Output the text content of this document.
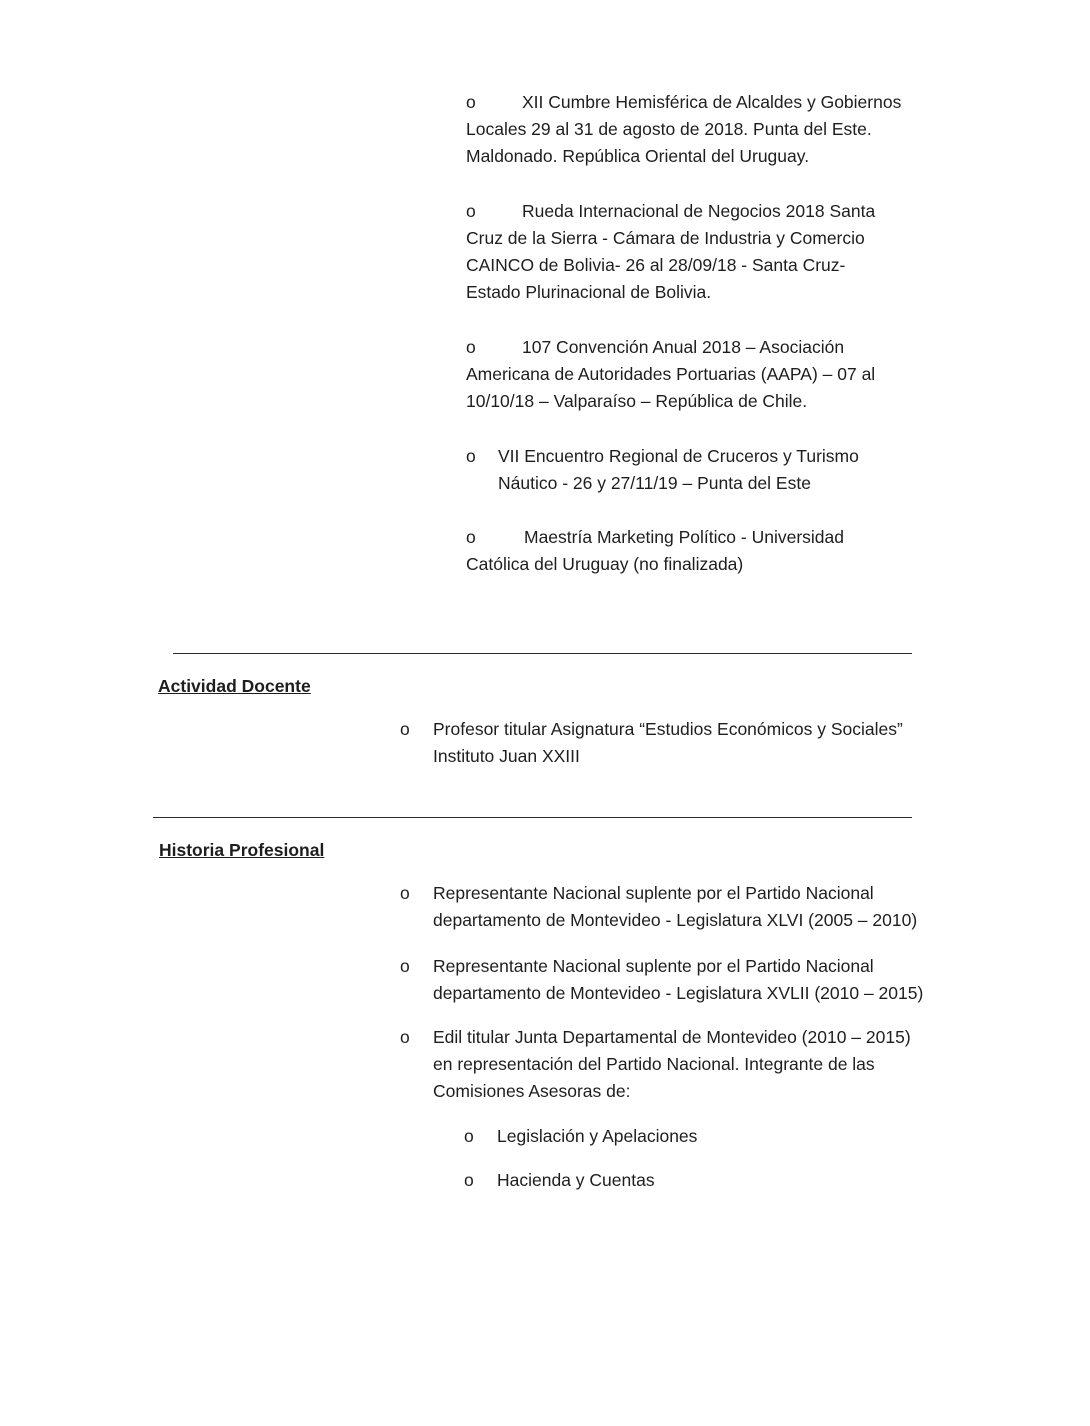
o	XII Cumbre Hemisférica de Alcaldes y Gobiernos Locales 29 al 31 de agosto de 2018. Punta del Este. Maldonado. República Oriental del Uruguay.
o	Rueda Internacional de Negocios 2018 Santa Cruz de la Sierra - Cámara de Industria y Comercio CAINCO de Bolivia- 26 al 28/09/18 - Santa Cruz- Estado Plurinacional de Bolivia.
o	107 Convención Anual 2018 – Asociación Americana de Autoridades Portuarias (AAPA) – 07 al 10/10/18 – Valparaíso – República de Chile.
o VII Encuentro Regional de Cruceros y Turismo Náutico - 26 y 27/11/19 – Punta del Este
o	Maestría Marketing Político - Universidad Católica del Uruguay (no finalizada)
Actividad Docente
o Profesor titular Asignatura “Estudios Económicos y Sociales” Instituto Juan XXIII
Historia Profesional
o Representante Nacional suplente por el Partido Nacional departamento de Montevideo - Legislatura XLVI (2005 – 2010)
o Representante Nacional suplente por el Partido Nacional departamento de Montevideo - Legislatura XVLII (2010 – 2015)
o Edil titular Junta Departamental de Montevideo (2010 – 2015) en representación del Partido Nacional. Integrante de las Comisiones Asesoras de:
o Legislación y Apelaciones
o Hacienda y Cuentas
